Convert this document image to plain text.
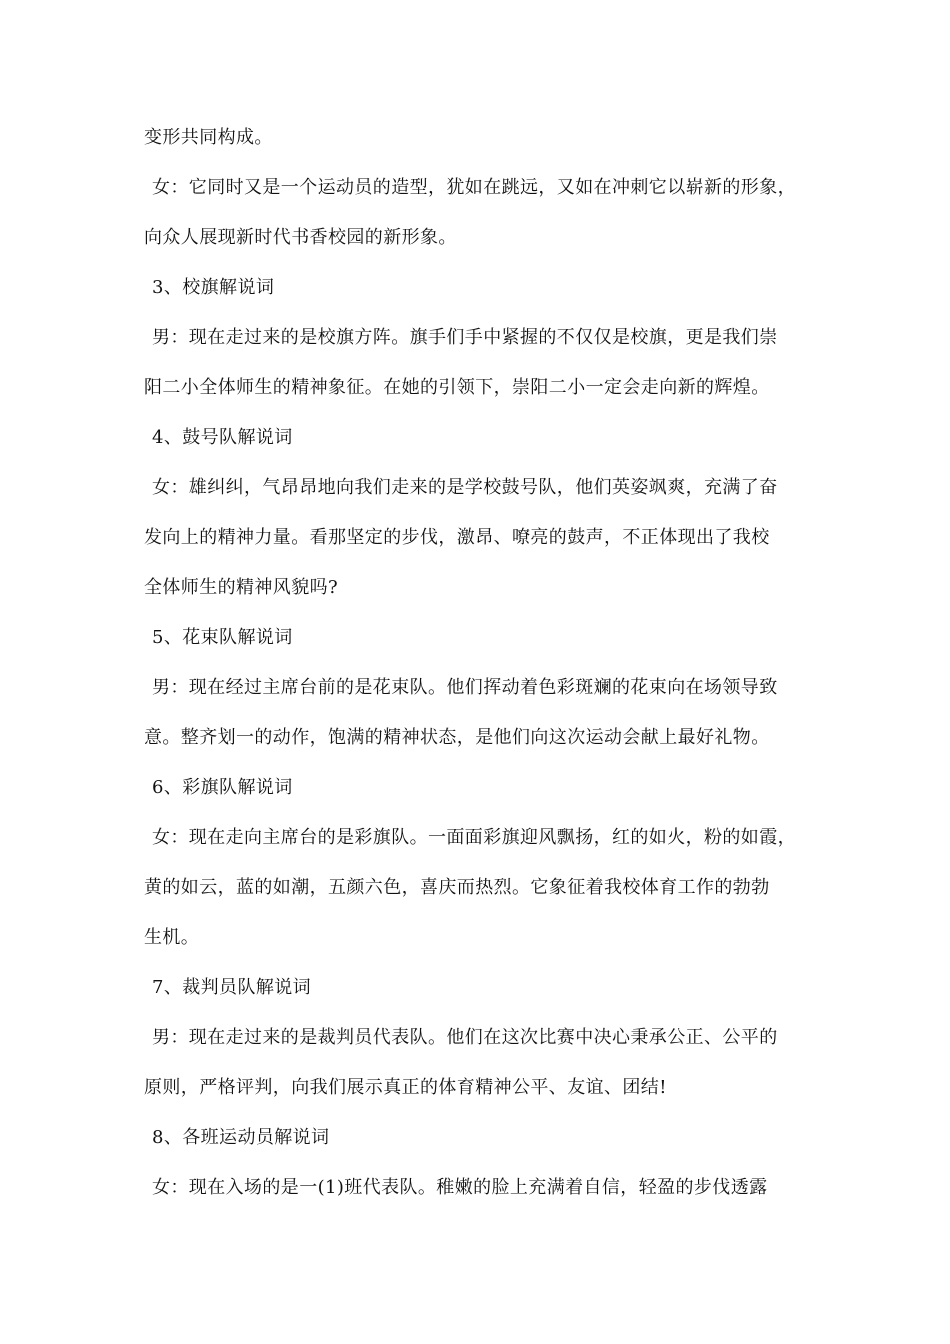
变形共同构成。
女：它同时又是一个运动员的造型，犹如在跳远，又如在冲刺它以崭新的形象，
向众人展现新时代书香校园的新形象。
3、校旗解说词
男：现在走过来的是校旗方阵。旗手们手中紧握的不仅仅是校旗，更是我们崇
阳二小全体师生的精神象征。在她的引领下，崇阳二小一定会走向新的辉煌。
4、鼓号队解说词
女：雄纠纠，气昂昂地向我们走来的是学校鼓号队，他们英姿飒爽，充满了奋
发向上的精神力量。看那坚定的步伐，激昂、嘹亮的鼓声，不正体现出了我校
全体师生的精神风貌吗?
5、花束队解说词
男：现在经过主席台前的是花束队。他们挥动着色彩斑斓的花束向在场领导致
意。整齐划一的动作，饱满的精神状态，是他们向这次运动会献上最好礼物。
6、彩旗队解说词
女：现在走向主席台的是彩旗队。一面面彩旗迎风飘扬，红的如火，粉的如霞，
黄的如云，蓝的如潮，五颜六色，喜庆而热烈。它象征着我校体育工作的勃勃
生机。
7、裁判员队解说词
男：现在走过来的是裁判员代表队。他们在这次比赛中决心秉承公正、公平的
原则，严格评判，向我们展示真正的体育精神公平、友谊、团结!
8、各班运动员解说词
女：现在入场的是一(1)班代表队。稚嫩的脸上充满着自信，轻盈的步伐透露
